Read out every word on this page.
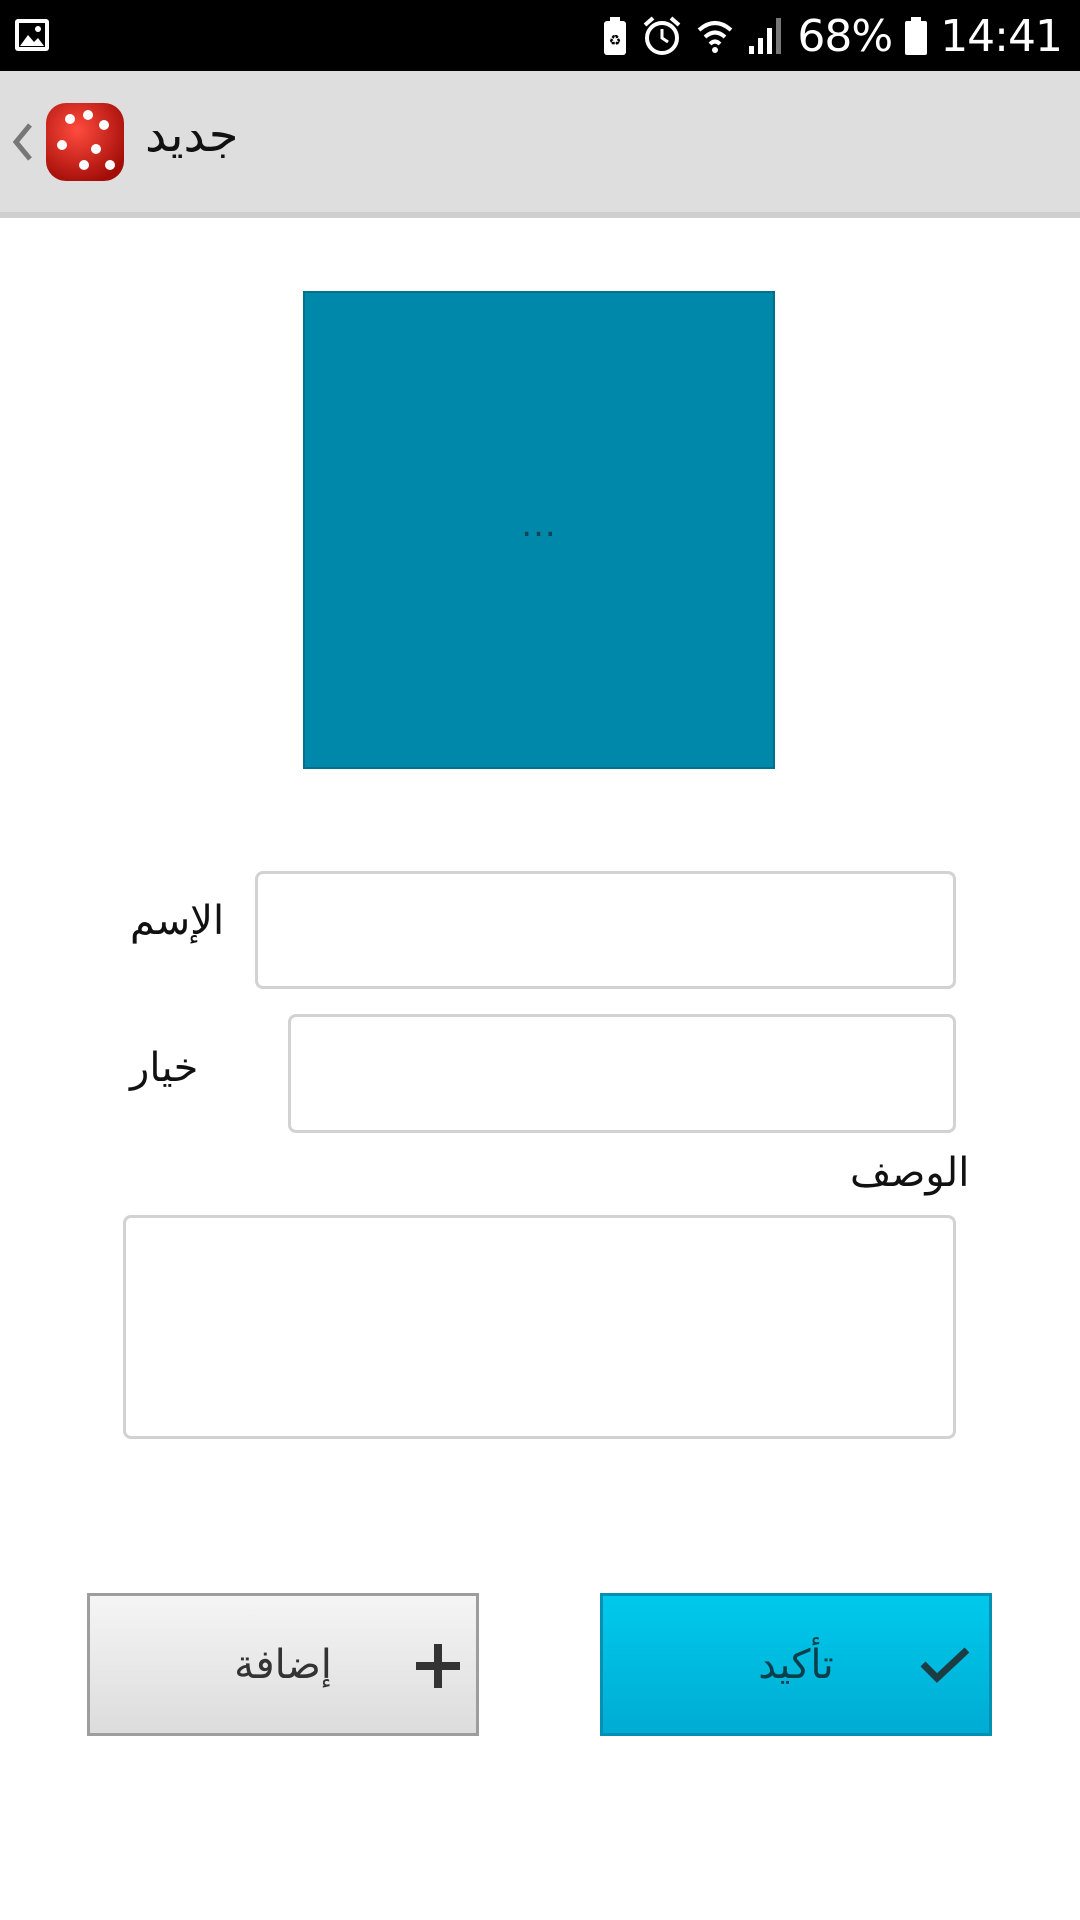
♻	68% 14:41
جديد
...
الإسم
خيار
الوصف
إضافة	تأكيد
